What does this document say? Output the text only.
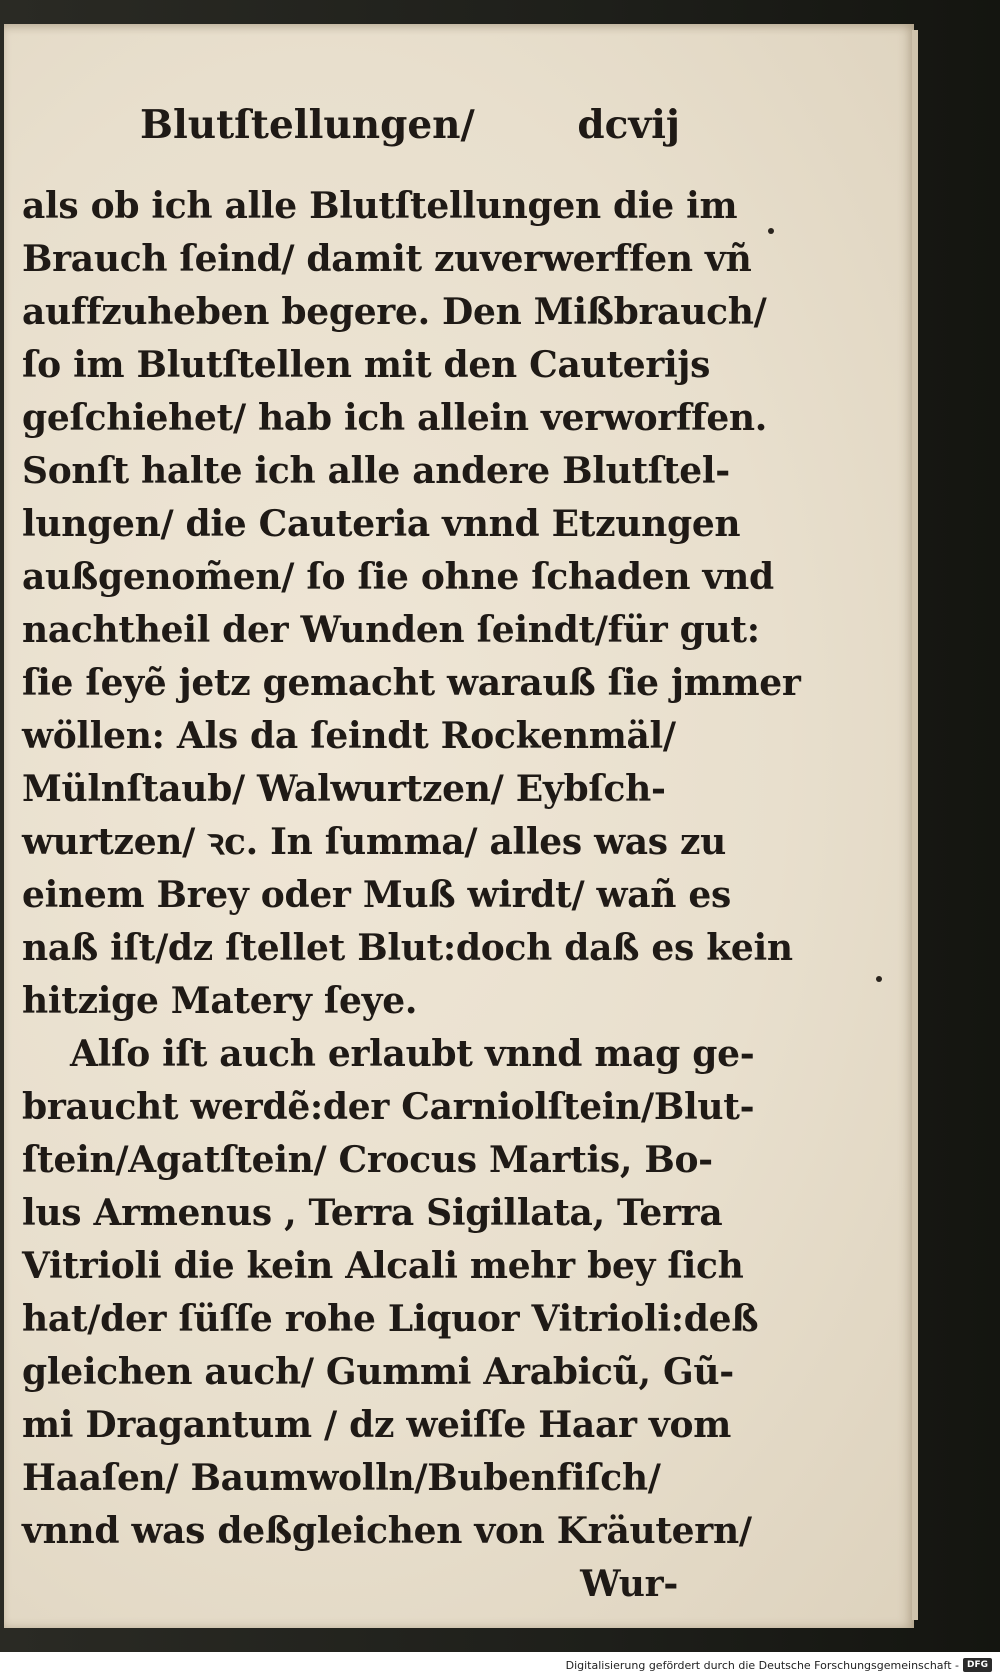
Blutſtellungen/	dcvij
als ob ich alle Blutſtellungen die im
Brauch ſeind/ damit zuverwerffen vñ
auffzuheben begere. Den Mißbrauch/
ſo im Blutſtellen mit den Cauterijs
geſchiehet/ hab ich allein verworffen.
Sonſt halte ich alle andere Blutſtel-
lungen/ die Cauteria vnnd Etzungen
außgenom̃en/ ſo ſie ohne ſchaden vnd
nachtheil der Wunden ſeindt/für gut:
ſie ſeyẽ jetz gemacht warauß ſie jmmer
wöllen: Als da ſeindt Rockenmäl/
Mülnſtaub/ Walwurtzen/ Eybſch-
wurtzen/ ꝛc. In ſumma/ alles was zu
einem Brey oder Muß wirdt/ wañ es
naß iſt/dz ſtellet Blut:doch daß es kein
hitzige Matery ſeye.
Alſo iſt auch erlaubt vnnd mag ge-
braucht werdẽ:der Carniolſtein/Blut-
ſtein/Agatſtein/ Crocus Martis, Bo-
lus Armenus , Terra Sigillata, Terra
Vitrioli die kein Alcali mehr bey ſich
hat/der ſüſſe rohe Liquor Vitrioli:deß
gleichen auch/ Gummi Arabicũ, Gũ-
mi Dragantum / dz weiſſe Haar vom
Haaſen/ Baumwolln/Bubenfiſch/
vnnd was deßgleichen von Kräutern/
Wur-
Digitalisierung gefördert durch die Deutsche Forschungsgemeinschaft - DFG
